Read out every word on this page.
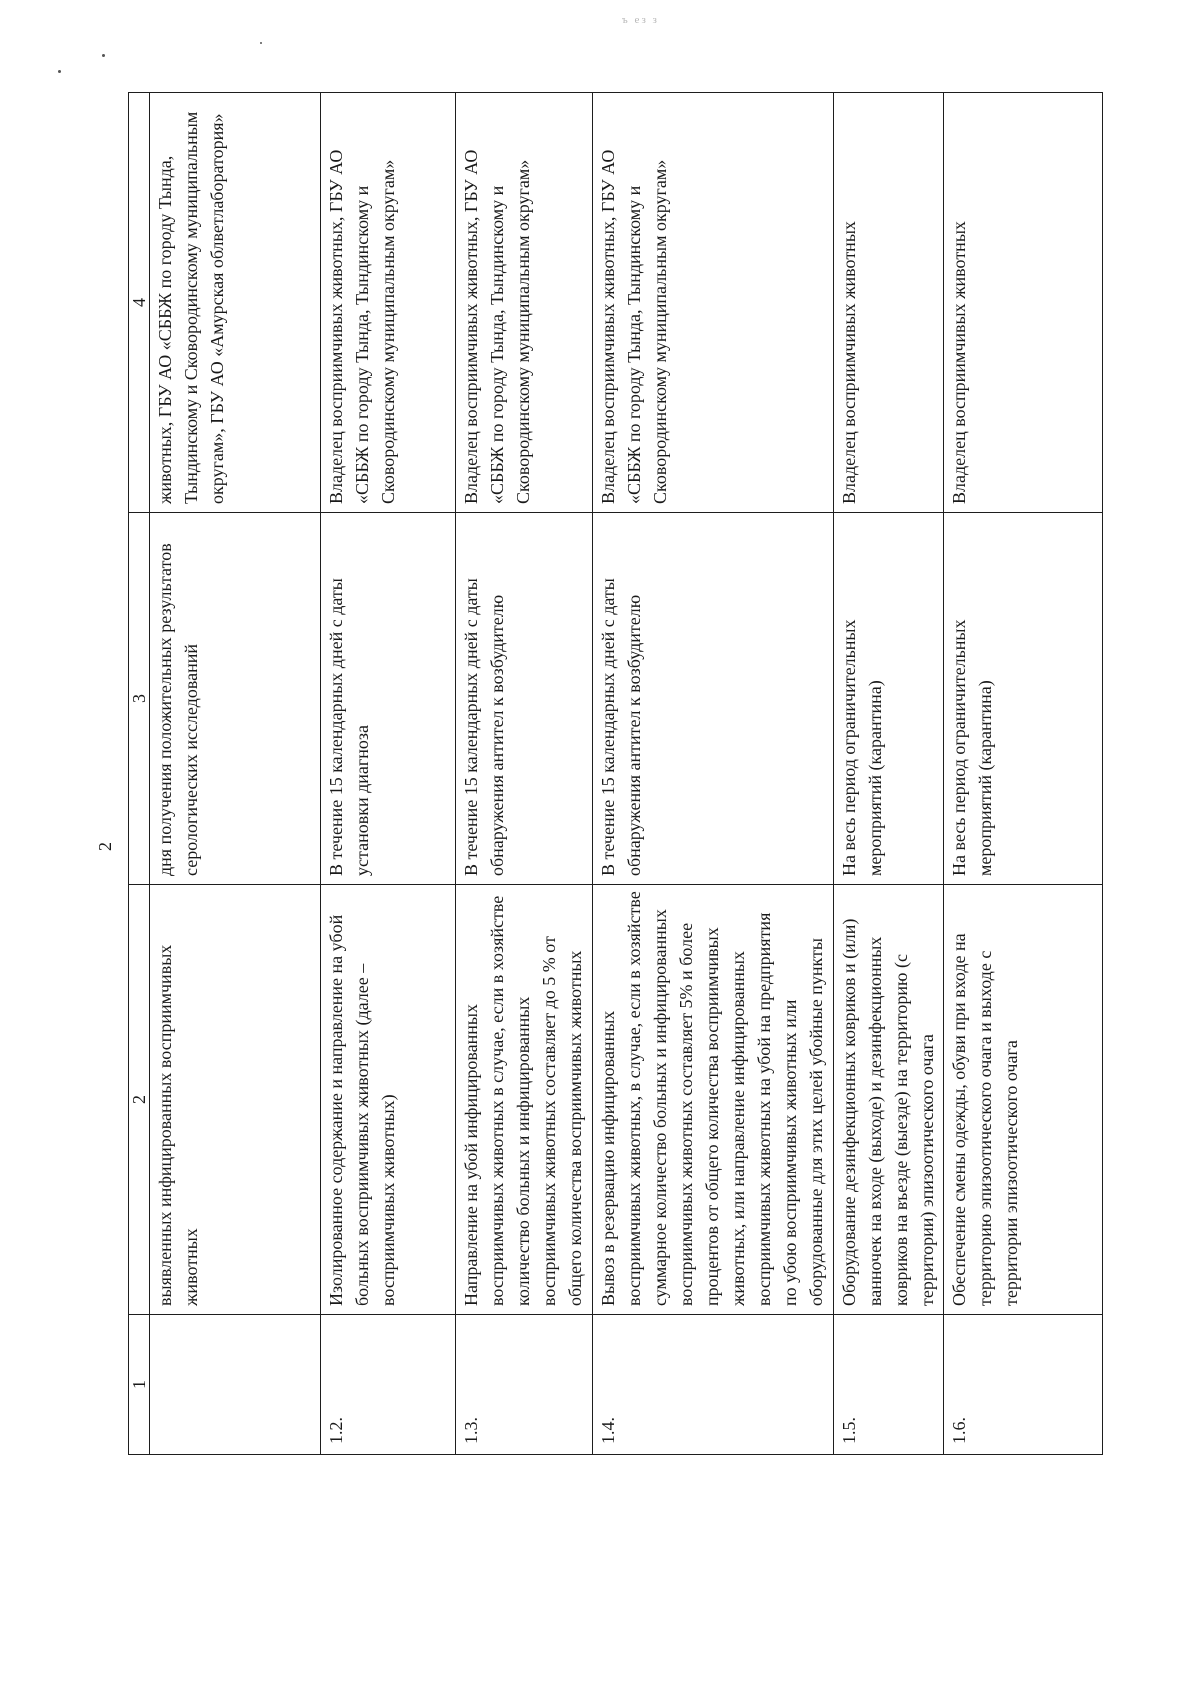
ъ ез з
2
1	2	3	4
	выявленных инфицированных восприимчивых животных	дня получения положительных результатов серологических исследований	животных, ГБУ АО «СББЖ по городу Тында, Тындинскому и Сковородинскому муниципальным округам», ГБУ АО «Амурская облветлаборатория»
1.2.	Изолированное содержание и направление на убой больных восприимчивых животных (далее – восприимчивых животных)	В течение 15 календарных дней с даты установки диагноза	Владелец восприимчивых животных, ГБУ АО «СББЖ по городу Тында, Тындинскому и Сковородинскому муниципальным округам»
1.3.	Направление на убой инфицированных восприимчивых животных в случае, если в хозяйстве количество больных и инфицированных восприимчивых животных составляет до 5 % от общего количества восприимчивых животных	В течение 15 календарных дней с даты обнаружения антител к возбудителю	Владелец восприимчивых животных, ГБУ АО «СББЖ по городу Тында, Тындинскому и Сковородинскому муниципальным округам»
1.4.	Вывоз в резервацию инфицированных восприимчивых животных, в случае, если в хозяйстве суммарное количество больных и инфицированных восприимчивых животных составляет 5% и более процентов от общего количества восприимчивых животных, или направление инфицированных восприимчивых животных на убой на предприятия по убою восприимчивых животных или оборудованные для этих целей убойные пункты	В течение 15 календарных дней с даты обнаружения антител к возбудителю	Владелец восприимчивых животных, ГБУ АО «СББЖ по городу Тында, Тындинскому и Сковородинскому муниципальным округам»
1.5.	Оборудование дезинфекционных ковриков и (или) ванночек на входе (выходе) и дезинфекционных ковриков на въезде (выезде) на территорию (с территории) эпизоотического очага	На весь период ограничительных мероприятий (карантина)	Владелец восприимчивых животных
1.6.	Обеспечение смены одежды, обуви при входе на территорию эпизоотического очага и выходе с территории эпизоотического очага	На весь период ограничительных мероприятий (карантина)	Владелец восприимчивых животных
